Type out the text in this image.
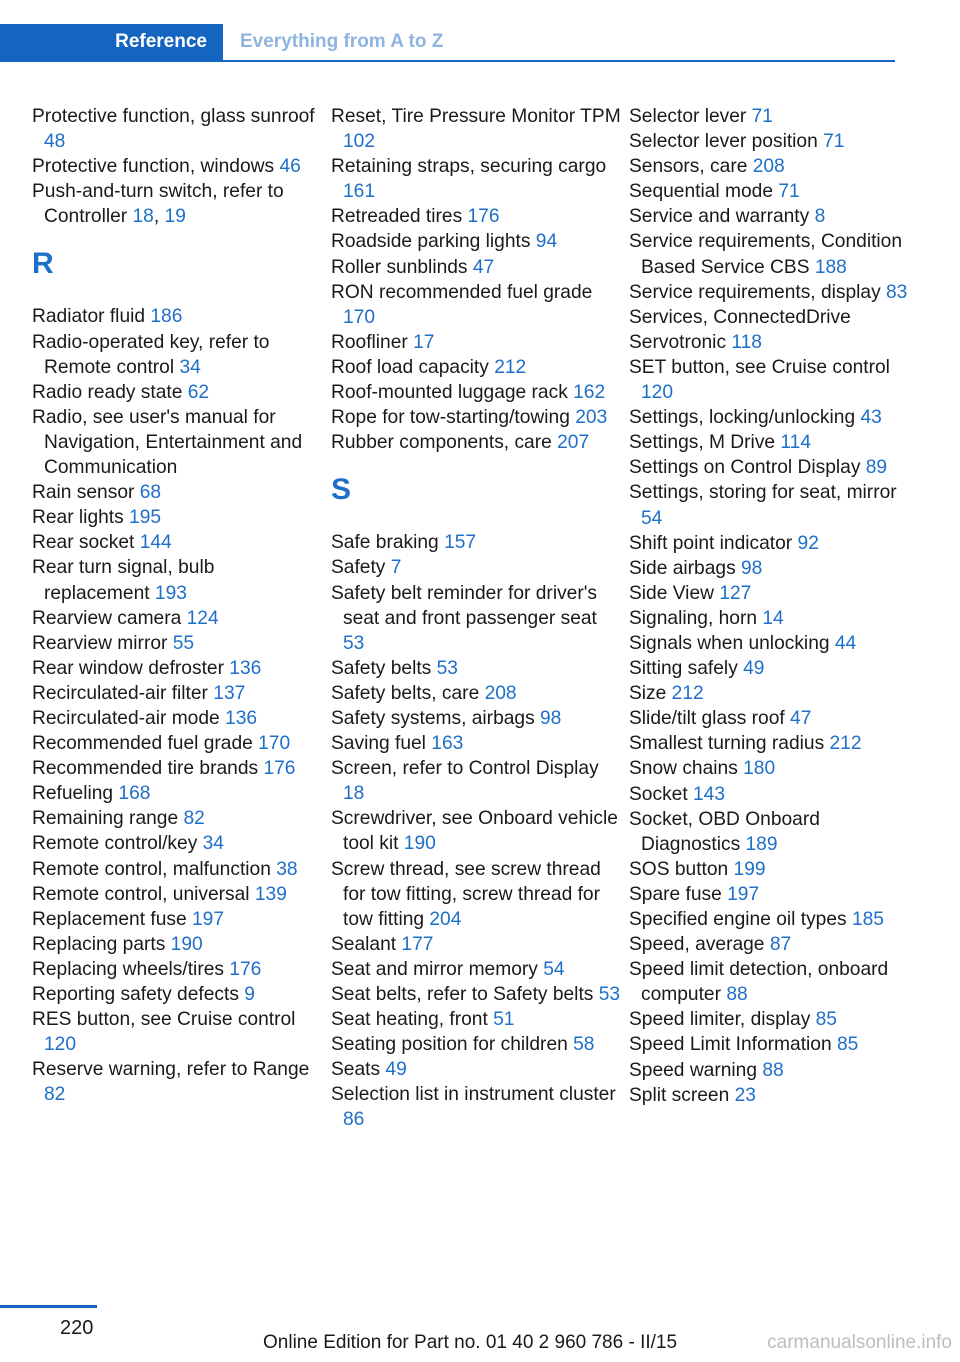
Reference	Everything from A to Z

Protective function, glass sunroof 48

Protective function, windows 46

Push-and-turn switch, refer to Controller 18, 19

R

Radiator fluid 186

Radio-operated key, refer to Remote control 34

Radio ready state 62

Radio, see user's manual for Navigation, Entertainment and Communication

Rain sensor 68

Rear lights 195

Rear socket 144

Rear turn signal, bulb replacement 193

Rearview camera 124

Rearview mirror 55

Rear window defroster 136

Recirculated-air filter 137

Recirculated-air mode 136

Recommended fuel grade 170

Recommended tire brands 176

Refueling 168

Remaining range 82

Remote control/key 34

Remote control, malfunction 38

Remote control, universal 139

Replacement fuse 197

Replacing parts 190

Replacing wheels/tires 176

Reporting safety defects 9

RES button, see Cruise control 120

Reserve warning, refer to Range 82

Reset, Tire Pressure Monitor TPM 102

Retaining straps, securing cargo 161

Retreaded tires 176

Roadside parking lights 94

Roller sunblinds 47

RON recommended fuel grade 170

Roofliner 17

Roof load capacity 212

Roof-mounted luggage rack 162

Rope for tow-starting/towing 203

Rubber components, care 207

S

Safe braking 157

Safety 7

Safety belt reminder for driver's seat and front passenger seat 53

Safety belts 53

Safety belts, care 208

Safety systems, airbags 98

Saving fuel 163

Screen, refer to Control Display 18

Screwdriver, see Onboard vehicle tool kit 190

Screw thread, see screw thread for tow fitting, screw thread for tow fitting 204

Sealant 177

Seat and mirror memory 54

Seat belts, refer to Safety belts 53

Seat heating, front 51

Seating position for children 58

Seats 49

Selection list in instrument cluster 86

Selector lever 71

Selector lever position 71

Sensors, care 208

Sequential mode 71

Service and warranty 8

Service requirements, Condition Based Service CBS 188

Service requirements, display 83

Services, ConnectedDrive

Servotronic 118

SET button, see Cruise control 120

Settings, locking/unlocking 43

Settings, M Drive 114

Settings on Control Display 89

Settings, storing for seat, mirror 54

Shift point indicator 92

Side airbags 98

Side View 127

Signaling, horn 14

Signals when unlocking 44

Sitting safely 49

Size 212

Slide/tilt glass roof 47

Smallest turning radius 212

Snow chains 180

Socket 143

Socket, OBD Onboard Diagnostics 189

SOS button 199

Spare fuse 197

Specified engine oil types 185

Speed, average 87

Speed limit detection, onboard computer 88

Speed limiter, display 85

Speed Limit Information 85

Speed warning 88

Split screen 23

220
Online Edition for Part no. 01 40 2 960 786 - II/15	carmanualsonline.info
